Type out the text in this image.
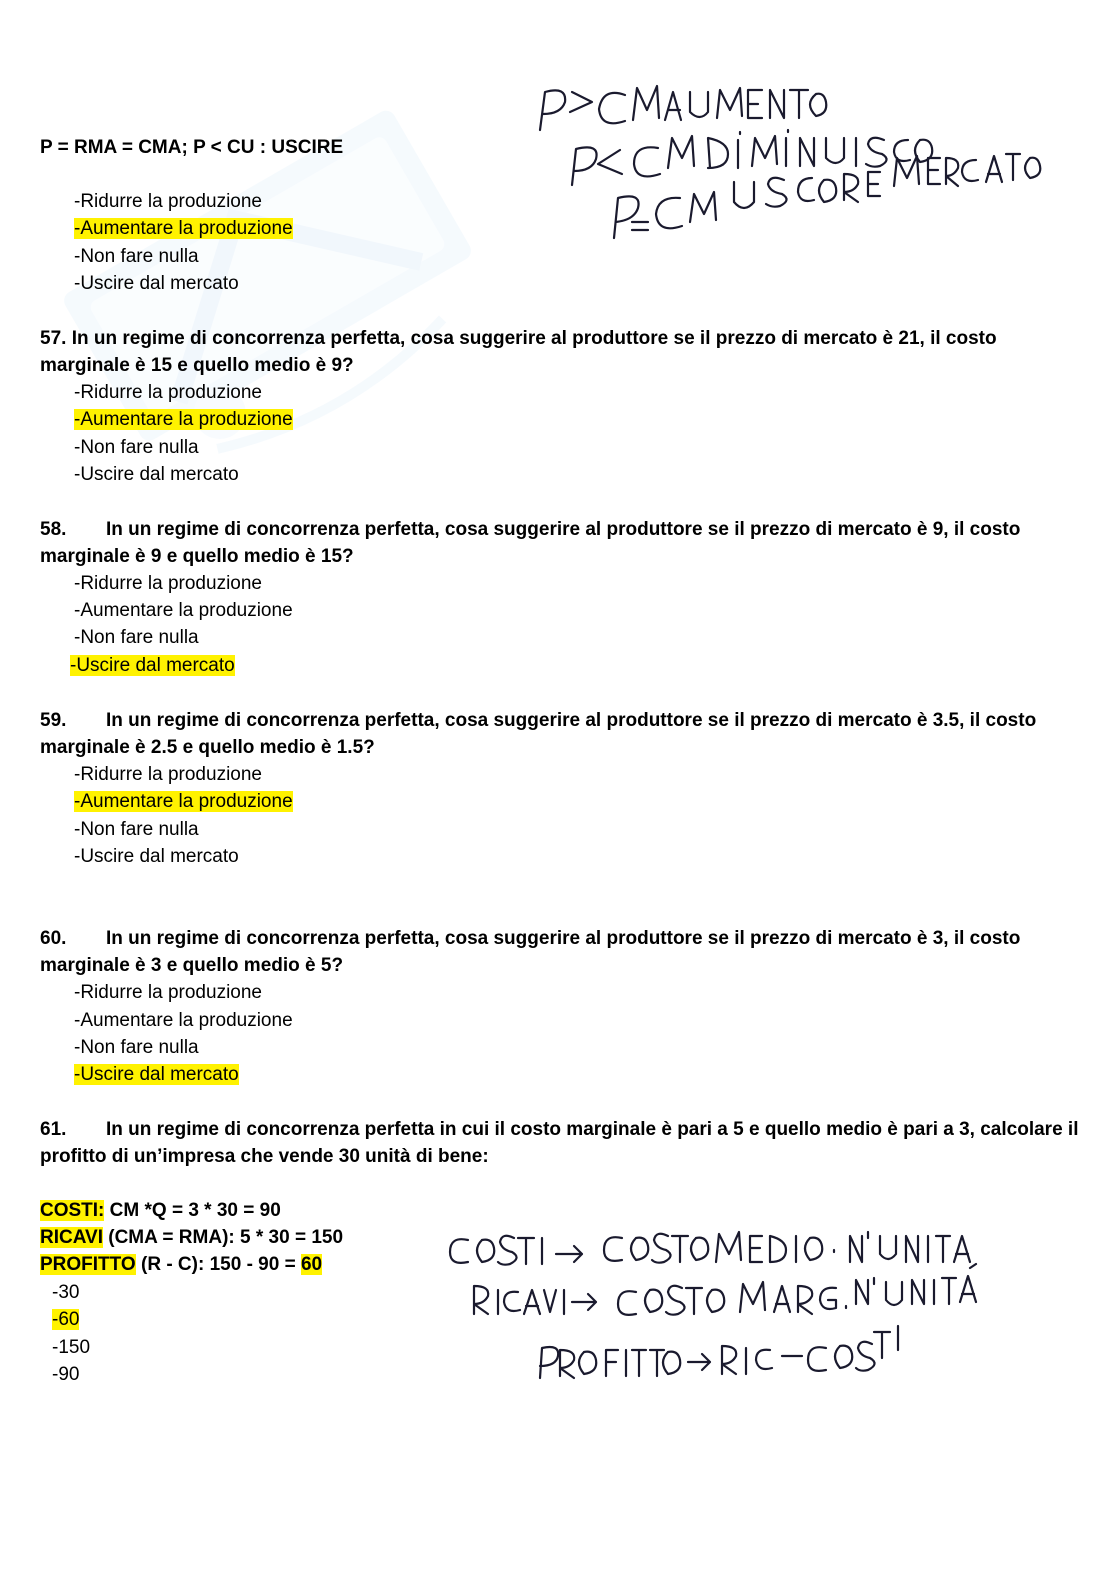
P = RMA = CMA; P < CU : USCIRE
-Ridurre la produzione
-Aumentare la produzione
-Non fare nulla
-Uscire dal mercato
57. In un regime di concorrenza perfetta, cosa suggerire al produttore se il prezzo di mercato è 21, il costo marginale è 15 e quello medio è 9?
-Ridurre la produzione
-Aumentare la produzione
-Non fare nulla
-Uscire dal mercato
58. In un regime di concorrenza perfetta, cosa suggerire al produttore se il prezzo di mercato è 9, il costo marginale è 9 e quello medio è 15?
-Ridurre la produzione
-Aumentare la produzione
-Non fare nulla
-Uscire dal mercato
59. In un regime di concorrenza perfetta, cosa suggerire al produttore se il prezzo di mercato è 3.5, il costo marginale è 2.5 e quello medio è 1.5?
-Ridurre la produzione
-Aumentare la produzione
-Non fare nulla
-Uscire dal mercato
60. In un regime di concorrenza perfetta, cosa suggerire al produttore se il prezzo di mercato è 3, il costo marginale è 3 e quello medio è 5?
-Ridurre la produzione
-Aumentare la produzione
-Non fare nulla
-Uscire dal mercato
61. In un regime di concorrenza perfetta in cui il costo marginale è pari a 5 e quello medio è pari a 3, calcolare il profitto di un’impresa che vende 30 unità di bene:
COSTI: CM *Q = 3 * 30 = 90
RICAVI (CMA = RMA): 5 * 30 = 150
PROFITTO (R - C): 150 - 90 = 60
-30
-60
-150
-90
